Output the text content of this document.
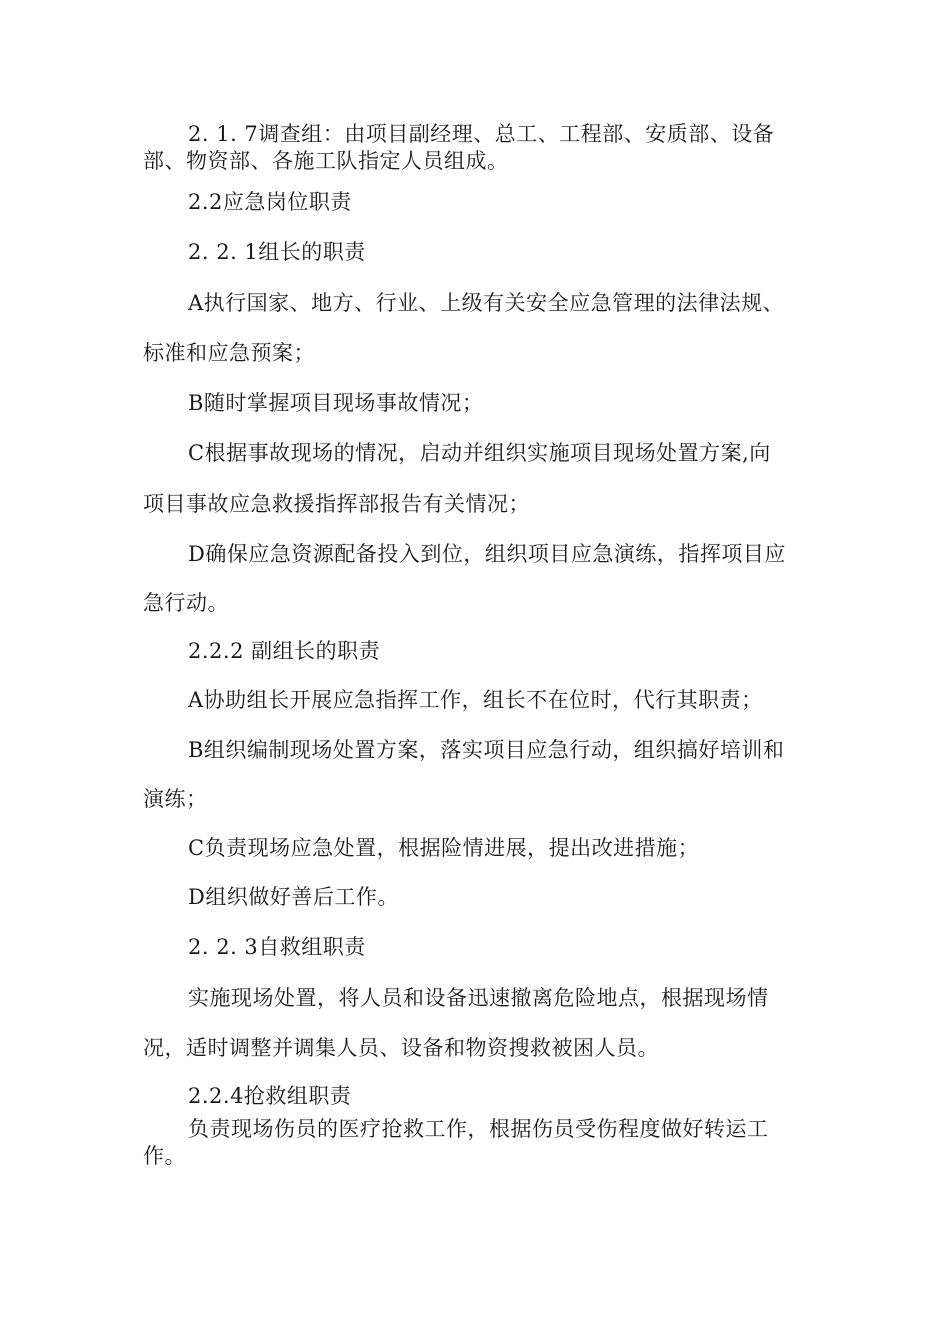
2. 1. 7调查组：由项目副经理、总工、工程部、安质部、设备
部、物资部、各施工队指定人员组成。
2.2应急岗位职责
2. 2. 1组长的职责
A执行国家、地方、行业、上级有关安全应急管理的法律法规、
标准和应急预案；
B随时掌握项目现场事故情况；
C根据事故现场的情况，启动并组织实施项目现场处置方案,向
项目事故应急救援指挥部报告有关情况；
D确保应急资源配备投入到位，组织项目应急演练，指挥项目应
急行动。
2.2.2 副组长的职责
A协助组长开展应急指挥工作，组长不在位时，代行其职责；
B组织编制现场处置方案，落实项目应急行动，组织搞好培训和
演练；
C负责现场应急处置，根据险情进展，提出改进措施；
D组织做好善后工作。
2. 2. 3自救组职责
实施现场处置，将人员和设备迅速撤离危险地点，根据现场情
况，适时调整并调集人员、设备和物资搜救被困人员。
2.2.4抢救组职责
负责现场伤员的医疗抢救工作，根据伤员受伤程度做好转运工
作。
